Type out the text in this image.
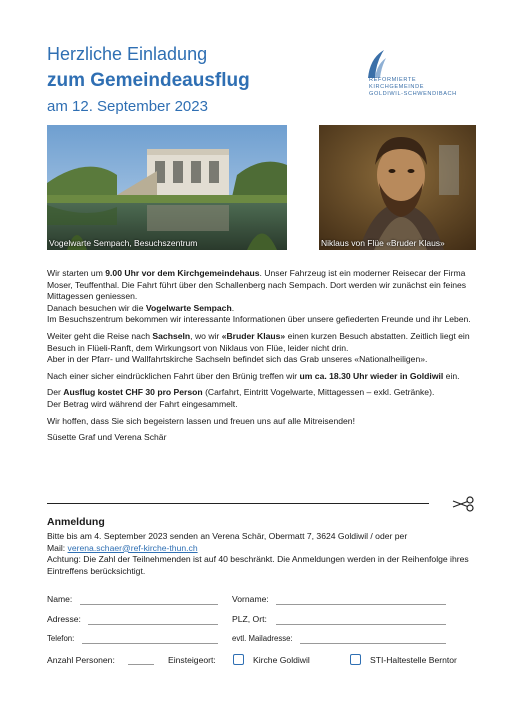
Herzliche Einladung
zum Gemeindeausflug
am 12. September 2023
REFORMIERTE
KIRCHGEMEINDE
GOLDIWIL-SCHWENDIBACH
Vogelwarte Sempach, Besuchszentrum	Niklaus von Flüe «Bruder Klaus»

Wir starten um 9.00 Uhr vor dem Kirchgemeindehaus. Unser Fahrzeug ist ein moderner Reisecar der Firma Moser, Teuffenthal. Die Fahrt führt über den Schallenberg nach Sempach. Dort werden wir zunächst ein feines Mittagessen geniessen.
Danach besuchen wir die Vogelwarte Sempach.
Im Besuchszentrum bekommen wir interessante Informationen über unsere gefiederten Freunde und ihr Leben.

Weiter geht die Reise nach Sachseln, wo wir «Bruder Klaus» einen kurzen Besuch abstatten. Zeitlich liegt ein Besuch in Flüeli-Ranft, dem Wirkungsort von Niklaus von Flüe, leider nicht drin.
Aber in der Pfarr- und Wallfahrtskirche Sachseln befindet sich das Grab unseres «Nationalheiligen».

Nach einer sicher eindrücklichen Fahrt über den Brünig treffen wir um ca. 18.30 Uhr wieder in Goldiwil ein.

Der Ausflug kostet CHF 30 pro Person (Carfahrt, Eintritt Vogelwarte, Mittagessen – exkl. Getränke).
Der Betrag wird während der Fahrt eingesammelt.

Wir hoffen, dass Sie sich begeistern lassen und freuen uns auf alle Mitreisenden!

Süsette Graf und Verena Schär

Anmeldung

Bitte bis am 4. September 2023 senden an Verena Schär, Obermatt 7, 3624 Goldiwil / oder per

Mail: verena.schaer@ref-kirche-thun.ch

Achtung: Die Zahl der Teilnehmenden ist auf 40 beschränkt. Die Anmeldungen werden in der Reihenfolge ihres Eintreffens berücksichtigt.

Name:	Vorname:
Adresse:	PLZ, Ort:
Telefon:	evtl. Mailadresse:
Anzahl Personen:	Einsteigeort:	Kirche Goldiwil	STI-Haltestelle Berntor
